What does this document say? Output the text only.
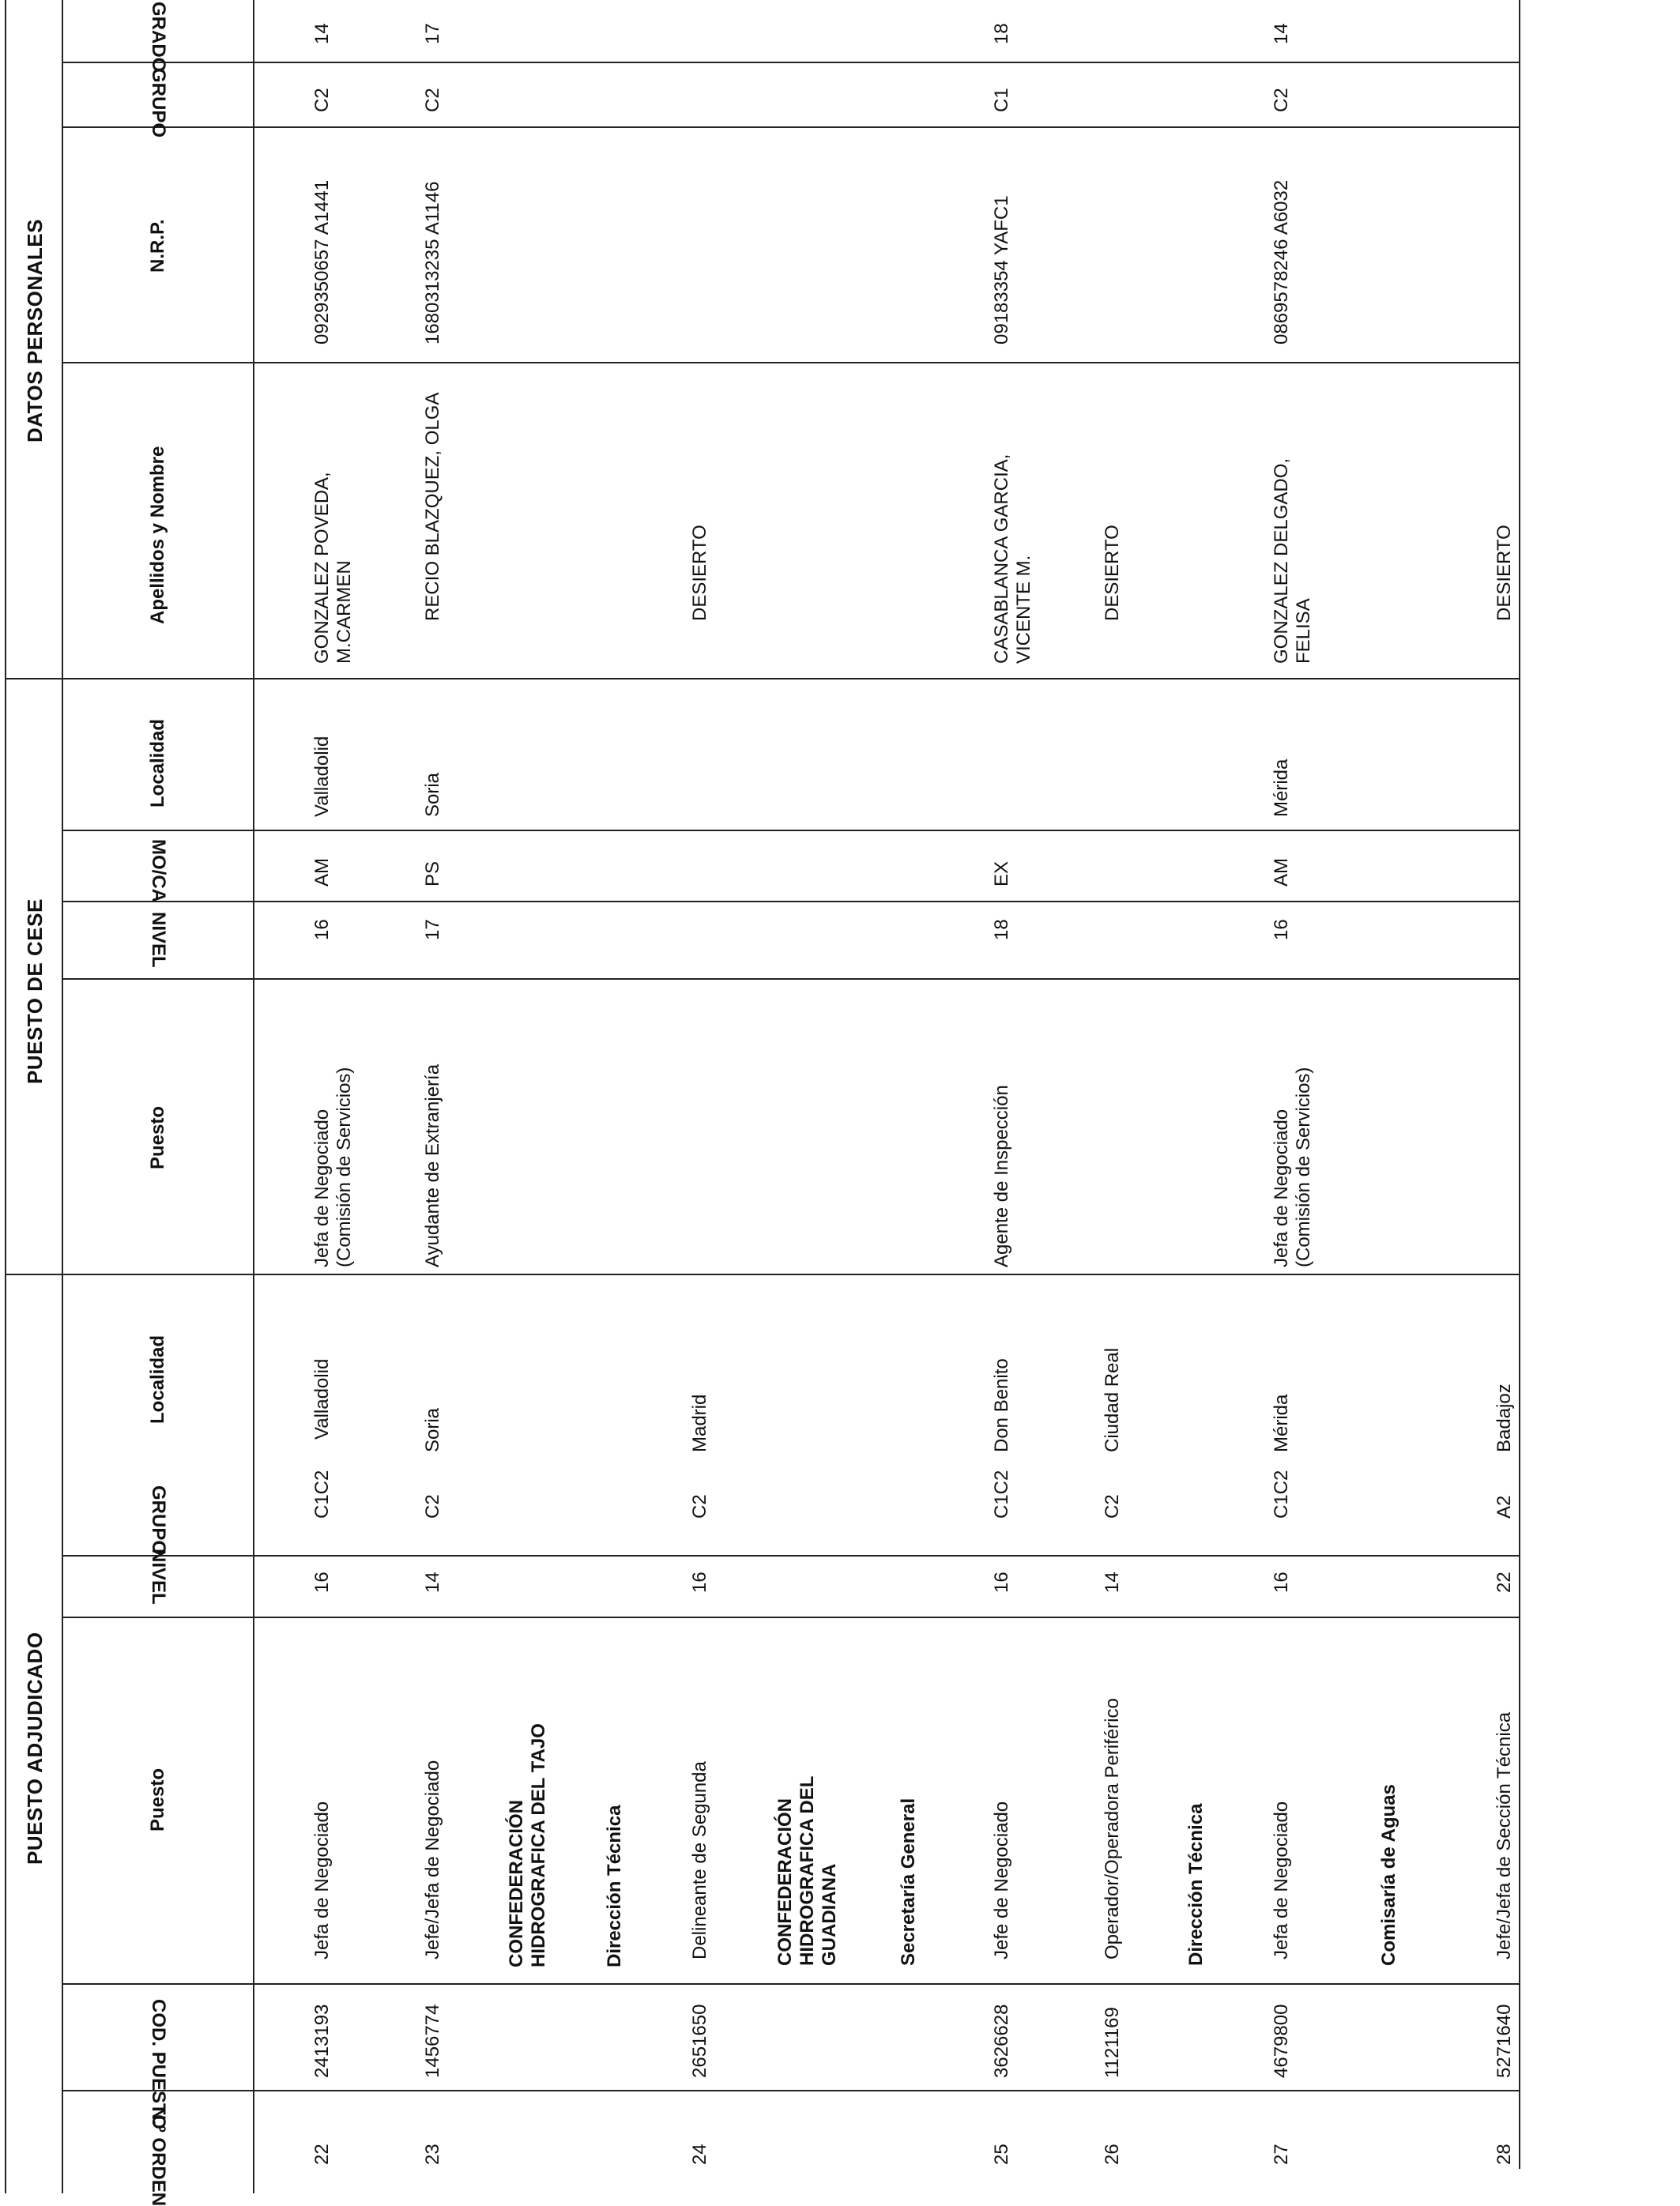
DATOS PERSONALES
PUESTO DE CESE
PUESTO ADJUDICADO
GRADO
GRUPO
N.R.P.
Apellidos y Nombre
Localidad
MO/CA
NIVEL
Puesto
Localidad
GRUPO
NIVEL
Puesto
COD. PUESTO
N.º ORDEN
14
C2
0929350657 A1441
GONZALEZ POVEDA,
M.CARMEN
Valladolid
AM
16
Jefa de Negociado
(Comisión de Servicios)
Valladolid
C1C2
16
Jefa de Negociado
2413193
22
17
C2
1680313235 A1146
RECIO BLAZQUEZ, OLGA
Soria
PS
17
Ayudante de Extranjería
Soria
C2
14
Jefe/Jefa de Negociado
1456774
23
CONFEDERACIÓN
HIDROGRAFICA DEL TAJO
Dirección Técnica
DESIERTO
Madrid
C2
16
Delineante de Segunda
2651650
24
CONFEDERACIÓN
HIDROGRAFICA DEL
GUADIANA	Secretaría General
18
C1
09183354 YAFC1
CASABLANCA GARCIA,
VICENTE M.
EX
18
Agente de Inspección
Don Benito
C1C2
16
Jefe de Negociado
3626628
25
DESIERTO
Ciudad Real
C2
14
Operador/Operadora Periférico
1121169
26
Dirección Técnica
14
C2
0869578246 A6032
GONZALEZ DELGADO,
FELISA
Mérida
AM
16
Jefa de Negociado
(Comisión de Servicios)
Mérida
C1C2
16
Jefa de Negociado
4679800
27
Comisaría de Aguas
DESIERTO
Badajoz
A2
22
Jefe/Jefa de Sección Técnica
5271640
28
